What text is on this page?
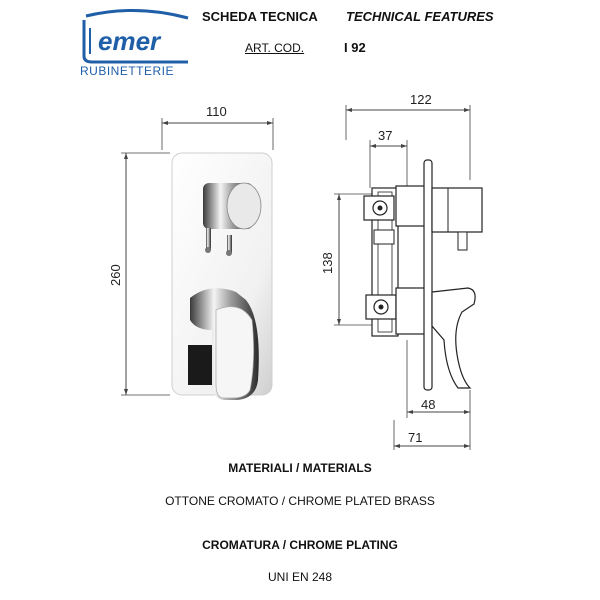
emer
RUBINETTERIE
SCHEDA TECNICA TECHNICAL FEATURES
ART. COD.	I 92
110
260
122
37
138
48
71
MATERIALI / MATERIALS
OTTONE CROMATO / CHROME PLATED BRASS
CROMATURA / CHROME PLATING
UNI EN 248
